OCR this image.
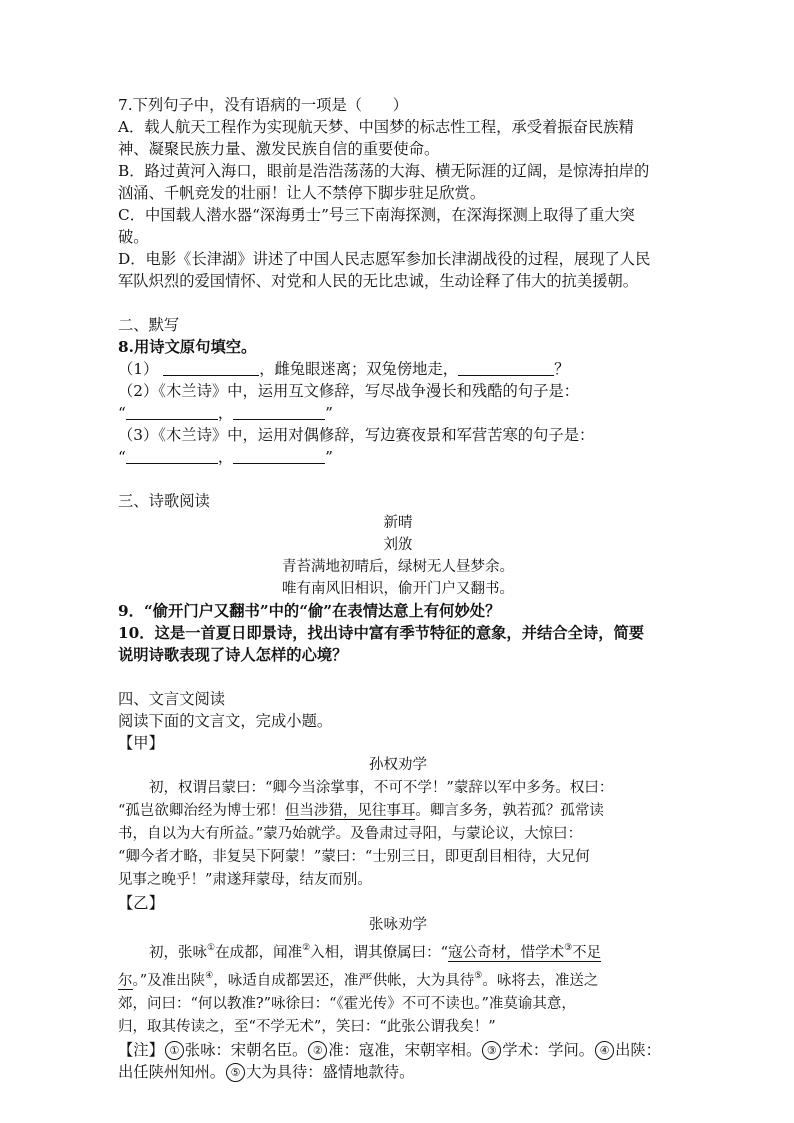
7.下列句子中，没有语病的一项是（　　）
A．载人航天工程作为实现航天梦、中国梦的标志性工程，承受着振奋民族精
神、凝聚民族力量、激发民族自信的重要使命。
B．路过黄河入海口，眼前是浩浩荡荡的大海、横无际涯的辽阔，是惊涛拍岸的
汹涌、千帆竞发的壮丽！让人不禁停下脚步驻足欣赏。
C．中国载人潜水器“深海勇士”号三下南海探测，在深海探测上取得了重大突
破。
D．电影《长津湖》讲述了中国人民志愿军参加长津湖战役的过程，展现了人民
军队炽烈的爱国情怀、对党和人民的无比忠诚，生动诠释了伟大的抗美援朝。
二、默写
8.用诗文原句填空。
（1）	，雌兔眼迷离；双兔傍地走，	？
（2）《木兰诗》中，运用互文修辞，写尽战争漫长和残酷的句子是：
“	，	”
（3）《木兰诗》中，运用对偶修辞，写边赛夜景和军营苦寒的句子是：
“	，	”
三、诗歌阅读
新晴
刘攽
青苔满地初晴后，绿树无人昼梦余。
唯有南风旧相识，偷开门户又翻书。
9．“偷开门户又翻书”中的“偷”在表情达意上有何妙处？
10．这是一首夏日即景诗，找出诗中富有季节特征的意象，并结合全诗，简要
说明诗歌表现了诗人怎样的心境？
四、文言文阅读
阅读下面的文言文，完成小题。
【甲】
孙权劝学
初，权谓吕蒙曰：“卿今当涂掌事，不可不学！”蒙辞以军中多务。权曰：
“孤岂欲卿治经为博士邪！但当涉猎，见往事耳。卿言多务，孰若孤？孤常读
书，自以为大有所益。”蒙乃始就学。及鲁肃过寻阳，与蒙论议，大惊曰：
“卿今者才略，非复吴下阿蒙！”蒙曰：“士别三日，即更刮目相待，大兄何
见事之晚乎！”肃遂拜蒙母，结友而别。
【乙】
张咏劝学
初，张咏①在成都，闻准②入相，谓其僚属曰：“寇公奇材，惜学术③不足
尔。”及准出陕④，咏适自成都罢还，准严供帐，大为具待⑤。咏将去，准送之
郊，问曰：“何以教准?”咏徐曰：“《霍光传》不可不读也。”准莫谕其意，
归，取其传读之，至“不学无术”，笑曰：“此张公谓我矣！”
【注】 ① 张咏：宋朝名臣。 ② 准：寇准，宋朝宰相。 ③ 学术：学问。 ④ 出陕：
出任陕州知州。 ⑤ 大为具待：盛情地款待。
